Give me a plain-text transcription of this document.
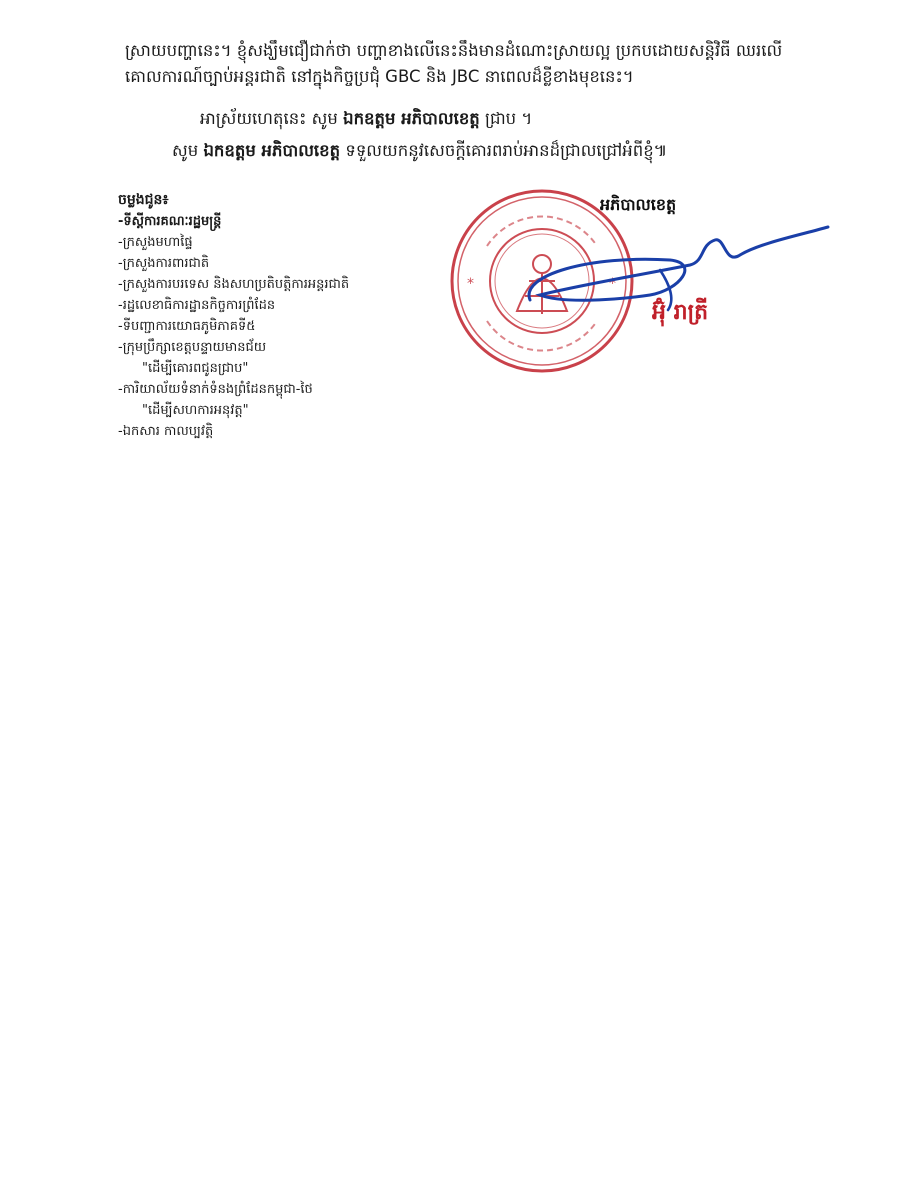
ស្រាយបញ្ហានេះ។ ខ្ញុំសង្ឃឹមជឿជាក់ថា បញ្ហាខាងលើនេះនឹងមានដំណោះស្រាយល្អ ប្រកបដោយសន្តិវិធី ឈរលើគោលការណ៍ច្បាប់អន្តរជាតិ នៅក្នុងកិច្ចប្រជុំ GBC និង JBC នាពេលដ៏ខ្លីខាងមុខនេះ។
អាស្រ័យហេតុនេះ សូម ឯកឧត្ដម អភិបាលខេត្ត ជ្រាប ។
សូម ឯកឧត្ដម អភិបាលខេត្ត ទទួលយកនូវសេចក្ដីគោរពរាប់អានដ៏ជ្រាលជ្រៅអំពីខ្ញុំ៕
ចម្លងជូន៖
-ទីស្ដីការគណៈរដ្ឋមន្ត្រី
-ក្រសួងមហាផ្ទៃ
-ក្រសួងការពារជាតិ
-ក្រសួងការបរទេស និងសហប្រតិបត្តិការអន្តរជាតិ
-រដ្ឋលេខាធិការដ្ឋានកិច្ចការព្រំដែន
-ទីបញ្ជាការយោធភូមិភាគទី៥
-ក្រុមប្រឹក្សាខេត្តបន្ទាយមានជ័យ
"ដើម្បីគោរពជូនជ្រាប"
-ការិយាល័យទំនាក់ទំនងព្រំដែនកម្ពុជា-ថៃ
"ដើម្បីសហការអនុវត្ត"
-ឯកសារ កាលប្បវត្តិ
*	*
អភិបាលខេត្ត
អ៊ុំ រាត្រី
